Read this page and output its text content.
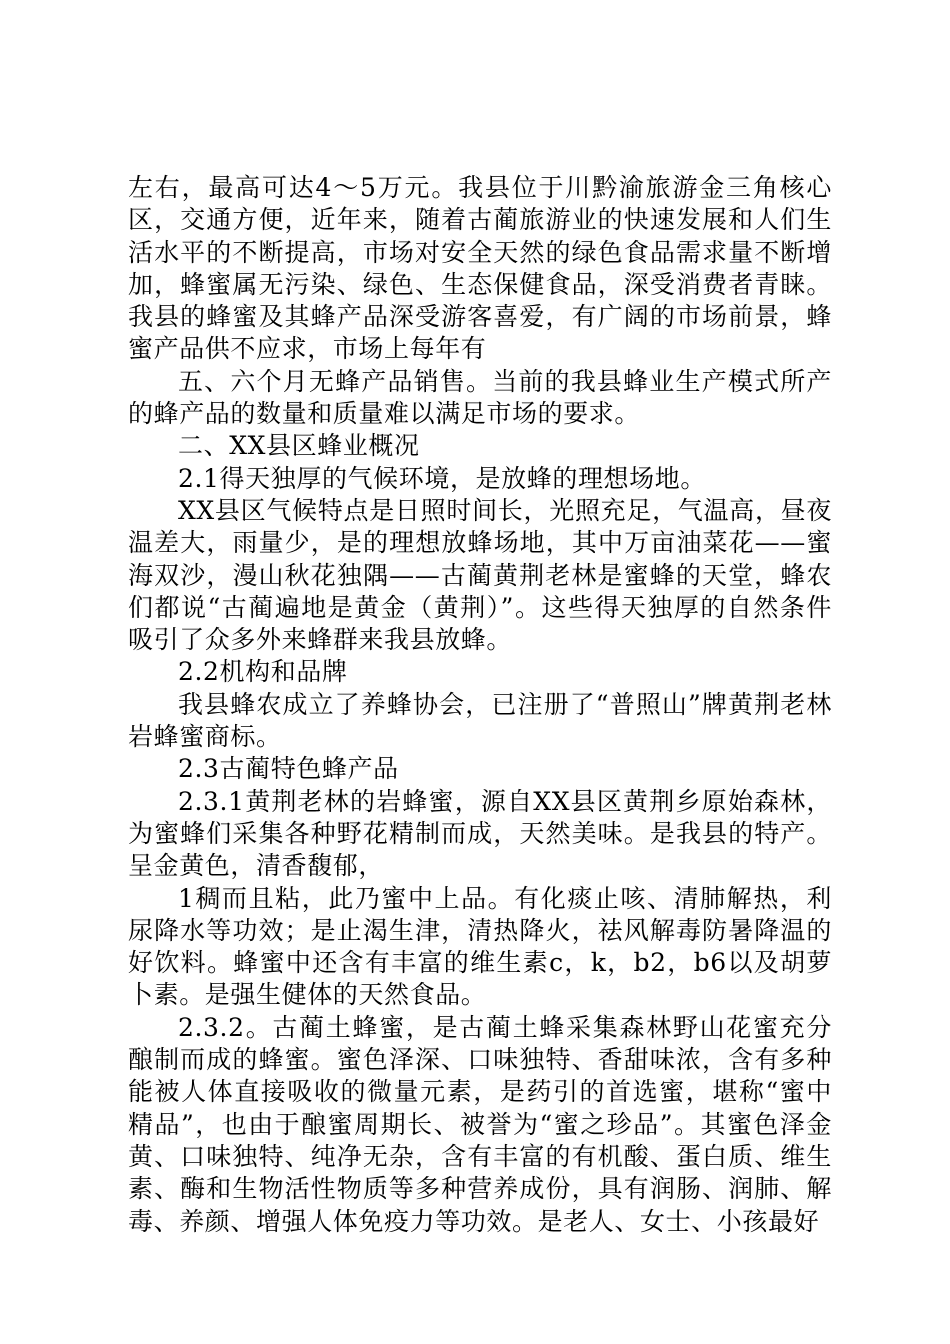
左右，最高可达4～5万元。我县位于川黔渝旅游金三角核心区，交通方便，近年来，随着古蔺旅游业的快速发展和人们生活水平的不断提高，市场对安全天然的绿色食品需求量不断增加，蜂蜜属无污染、绿色、生态保健食品，深受消费者青睐。我县的蜂蜜及其蜂产品深受游客喜爱，有广阔的市场前景，蜂蜜产品供不应求，市场上每年有

五、六个月无蜂产品销售。当前的我县蜂业生产模式所产的蜂产品的数量和质量难以满足市场的要求。

二、XX县区蜂业概况

2.1得天独厚的气候环境，是放蜂的理想场地。

XX县区气候特点是日照时间长，光照充足，气温高，昼夜温差大，雨量少，是的理想放蜂场地，其中万亩油菜花——蜜海双沙，漫山秋花独隅——古蔺黄荆老林是蜜蜂的天堂，蜂农们都说“古蔺遍地是黄金（黄荆）”。这些得天独厚的自然条件吸引了众多外来蜂群来我县放蜂。

2.2机构和品牌

我县蜂农成立了养蜂协会，已注册了“普照山”牌黄荆老林岩蜂蜜商标。

2.3古蔺特色蜂产品

2.3.1黄荆老林的岩蜂蜜，源自XX县区黄荆乡原始森林，为蜜蜂们采集各种野花精制而成，天然美味。是我县的特产。呈金黄色，清香馥郁，

1稠而且粘，此乃蜜中上品。有化痰止咳、清肺解热，利尿降水等功效；是止渴生津，清热降火，祛风解毒防暑降温的好饮料。蜂蜜中还含有丰富的维生素c，k，b2，b6以及胡萝卜素。是强生健体的天然食品。

2.3.2。古蔺土蜂蜜，是古蔺土蜂采集森林野山花蜜充分酿制而成的蜂蜜。蜜色泽深、口味独特、香甜味浓，含有多种能被人体直接吸收的微量元素，是药引的首选蜜，堪称“蜜中精品”，也由于酿蜜周期长、被誉为“蜜之珍品”。其蜜色泽金黄、口味独特、纯净无杂，含有丰富的有机酸、蛋白质、维生素、酶和生物活性物质等多种营养成份，具有润肠、润肺、解毒、养颜、增强人体免疫力等功效。是老人、女士、小孩最好
